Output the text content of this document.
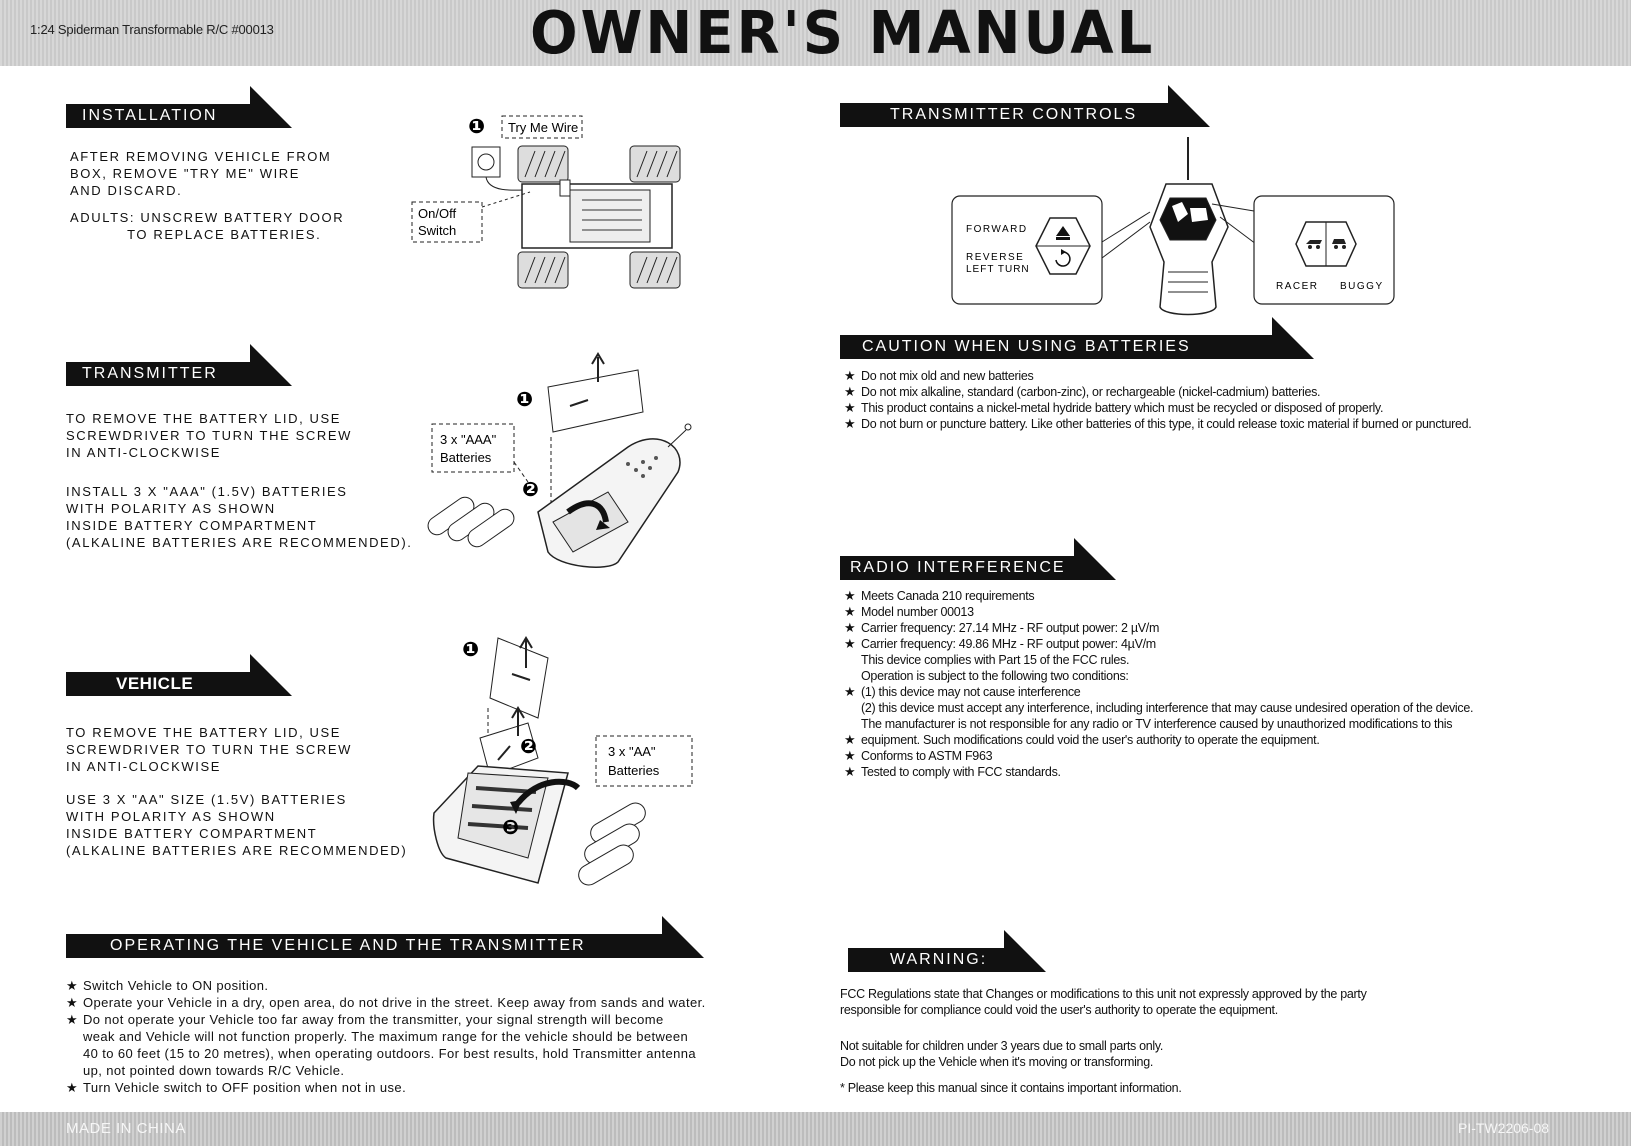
1:24 Spiderman Transformable R/C #00013	OWNER'S MANUAL
INSTALLATION

AFTER REMOVING VEHICLE FROM

BOX, REMOVE "TRY ME" WIRE

AND DISCARD.

ADULTS: UNSCREW BATTERY DOOR

TO REPLACE BATTERIES.

❶ Try Me Wire
On/Off
Switch
TRANSMITTER

TO REMOVE THE BATTERY LID, USE

SCREWDRIVER TO TURN THE SCREW

IN ANTI-CLOCKWISE

INSTALL 3 X "AAA" (1.5V) BATTERIES

WITH POLARITY AS SHOWN

INSIDE BATTERY COMPARTMENT

(ALKALINE BATTERIES ARE RECOMMENDED).

❶
3 x "AAA"
Batteries
❷
VEHICLE

TO REMOVE THE BATTERY LID, USE

SCREWDRIVER TO TURN THE SCREW

IN ANTI-CLOCKWISE

USE 3 X "AA" SIZE (1.5V) BATTERIES

WITH POLARITY AS SHOWN

INSIDE BATTERY COMPARTMENT

(ALKALINE BATTERIES ARE RECOMMENDED)

❶
❷	3 x "AA"
Batteries
❸
OPERATING THE VEHICLE AND THE TRANSMITTER
★ Switch Vehicle to ON position.
★ Operate your Vehicle in a dry, open area, do not drive in the street. Keep away from sands and water.
★ Do not operate your Vehicle too far away from the transmitter, your signal strength will become
weak and Vehicle will not function properly. The maximum range for the vehicle should be between
40 to 60 feet (15 to 20 metres), when operating outdoors. For best results, hold Transmitter antenna
up, not pointed down towards R/C Vehicle.
★ Turn Vehicle switch to OFF position when not in use.
TRANSMITTER CONTROLS
FORWARD
REVERSE
LEFT TURN
RACER BUGGY
CAUTION WHEN USING BATTERIES
★ Do not mix old and new batteries
★ Do not mix alkaline, standard (carbon-zinc), or rechargeable (nickel-cadmium) batteries.
★ This product contains a nickel-metal hydride battery which must be recycled or disposed of properly.
★ Do not burn or puncture battery. Like other batteries of this type, it could release toxic material if burned or punctured.
RADIO INTERFERENCE
★ Meets Canada 210 requirements
★ Model number 00013
★ Carrier frequency: 27.14 MHz - RF output power: 2 µV/m
★ Carrier frequency: 49.86 MHz - RF output power: 4µV/m
This device complies with Part 15 of the FCC rules.
Operation is subject to the following two conditions:
★ (1) this device may not cause interference
(2) this device must accept any interference, including interference that may cause undesired operation of the device.
The manufacturer is not responsible for any radio or TV interference caused by unauthorized modifications to this
★ equipment. Such modifications could void the user's authority to operate the equipment.
★ Conforms to ASTM F963
★ Tested to comply with FCC standards.
WARNING:

FCC Regulations state that Changes or modifications to this unit not expressly approved by the party

responsible for compliance could void the user's authority to operate the equipment.

Not suitable for children under 3 years due to small parts only.

Do not pick up the Vehicle when it's moving or transforming.

* Please keep this manual since it contains important information.

MADE IN CHINA	PI-TW2206-08
